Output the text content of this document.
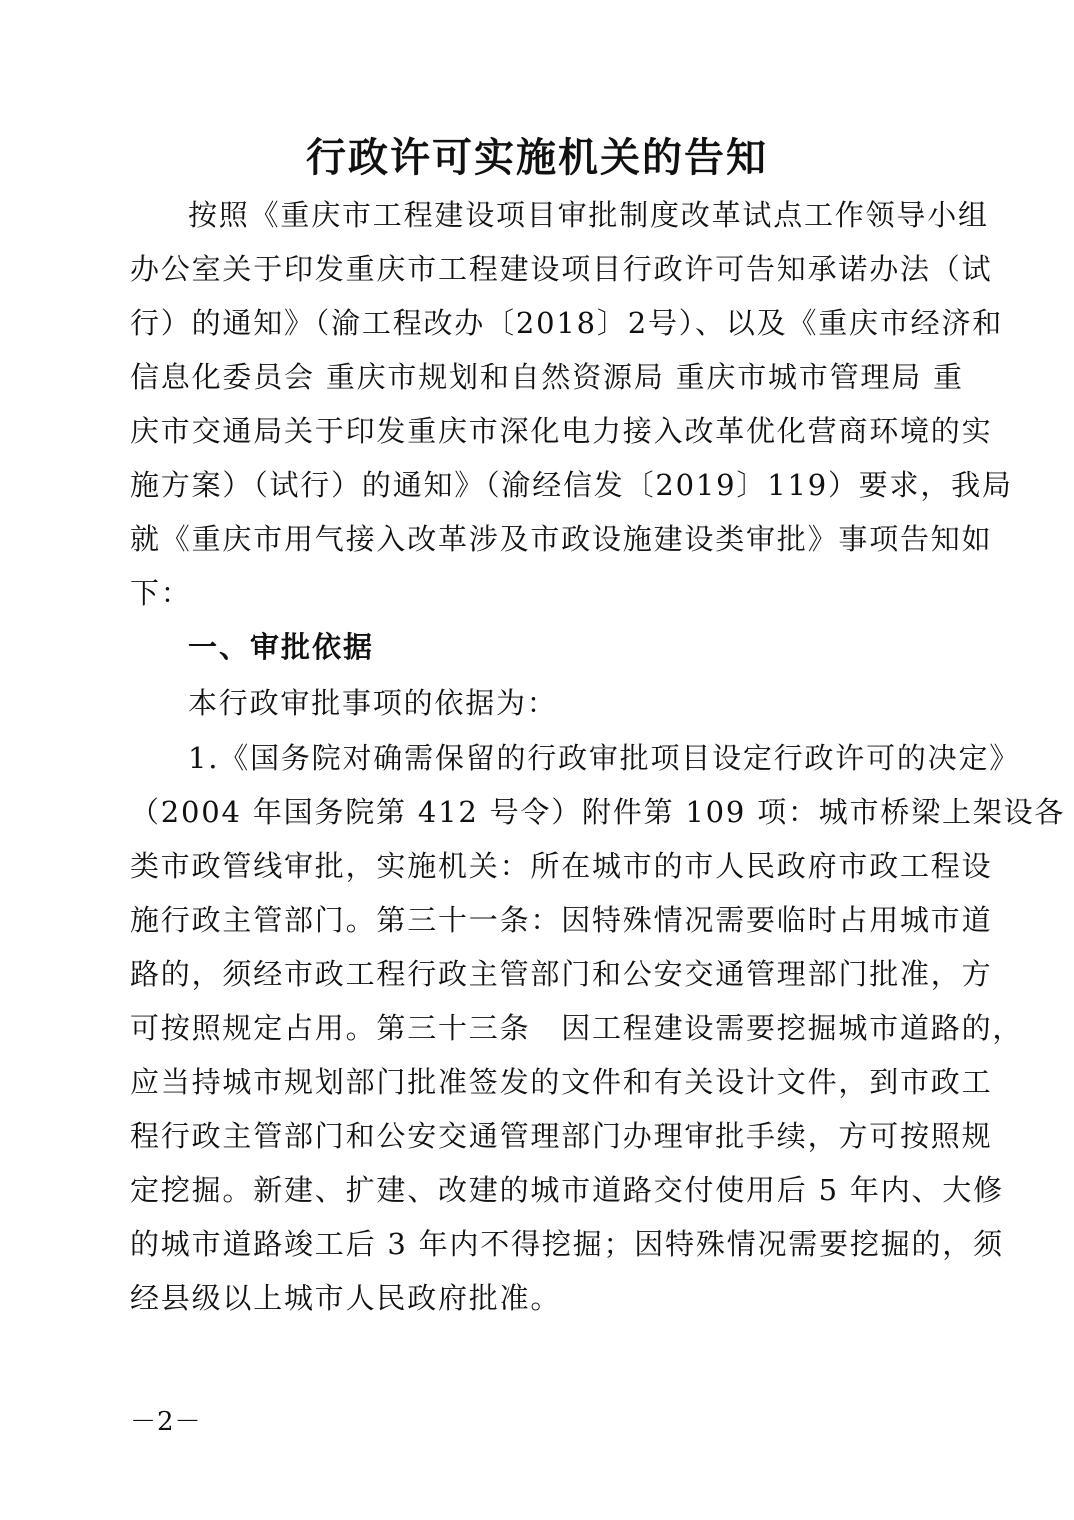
行政许可实施机关的告知
按照《重庆市工程建设项目审批制度改革试点工作领导小组
办公室关于印发重庆市工程建设项目行政许可告知承诺办法（试
行）的通知》（渝工程改办〔2018〕2号）、以及《重庆市经济和
信息化委员会 重庆市规划和自然资源局 重庆市城市管理局 重
庆市交通局关于印发重庆市深化电力接入改革优化营商环境的实
施方案）（试行）的通知》（渝经信发〔2019〕119）要求，我局
就《重庆市用气接入改革涉及市政设施建设类审批》事项告知如
下：
一、审批依据
本行政审批事项的依据为：
1.《国务院对确需保留的行政审批项目设定行政许可的决定》
（2004 年国务院第 412 号令）附件第 109 项：城市桥梁上架设各
类市政管线审批，实施机关：所在城市的市人民政府市政工程设
施行政主管部门。第三十一条：因特殊情况需要临时占用城市道
路的，须经市政工程行政主管部门和公安交通管理部门批准，方
可按照规定占用。第三十三条　因工程建设需要挖掘城市道路的，
应当持城市规划部门批准签发的文件和有关设计文件，到市政工
程行政主管部门和公安交通管理部门办理审批手续，方可按照规
定挖掘。新建、扩建、改建的城市道路交付使用后 5 年内、大修
的城市道路竣工后 3 年内不得挖掘；因特殊情况需要挖掘的，须
经县级以上城市人民政府批准。
－2－
